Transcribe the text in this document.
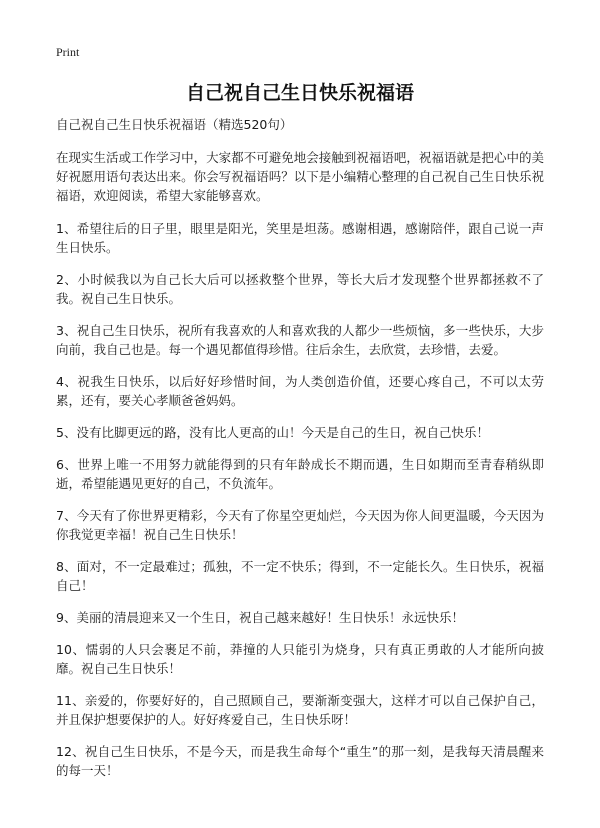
Print
自己祝自己生日快乐祝福语

自己祝自己生日快乐祝福语（精选520句）

在现实生活或工作学习中，大家都不可避免地会接触到祝福语吧，祝福语就是把心中的美好祝愿用语句表达出来。你会写祝福语吗？以下是小编精心整理的自己祝自己生日快乐祝福语，欢迎阅读，希望大家能够喜欢。

1、希望往后的日子里，眼里是阳光，笑里是坦荡。感谢相遇，感谢陪伴，跟自己说一声生日快乐。

2、小时候我以为自己长大后可以拯救整个世界，等长大后才发现整个世界都拯救不了我。祝自己生日快乐。

3、祝自己生日快乐，祝所有我喜欢的人和喜欢我的人都少一些烦恼，多一些快乐，大步向前，我自己也是。每一个遇见都值得珍惜。往后余生，去欣赏，去珍惜，去爱。

4、祝我生日快乐，以后好好珍惜时间，为人类创造价值，还要心疼自己，不可以太劳累，还有，要关心孝顺爸爸妈妈。

5、没有比脚更远的路，没有比人更高的山！今天是自己的生日，祝自己快乐！

6、世界上唯一不用努力就能得到的只有年龄成长不期而遇，生日如期而至青春稍纵即逝，希望能遇见更好的自己，不负流年。

7、今天有了你世界更精彩，今天有了你星空更灿烂，今天因为你人间更温暖，今天因为你我觉更幸福！祝自己生日快乐！

8、面对，不一定最难过；孤独，不一定不快乐；得到，不一定能长久。生日快乐，祝福自己！

9、美丽的清晨迎来又一个生日，祝自己越来越好！生日快乐！永远快乐！

10、懦弱的人只会裹足不前，莽撞的人只能引为烧身，只有真正勇敢的人才能所向披靡。祝自己生日快乐！

11、亲爱的，你要好好的，自己照顾自己，要渐渐变强大，这样才可以自己保护自己，并且保护想要保护的人。好好疼爱自己，生日快乐呀！

12、祝自己生日快乐，不是今天，而是我生命每个“重生”的那一刻，是我每天清晨醒来的每一天！
